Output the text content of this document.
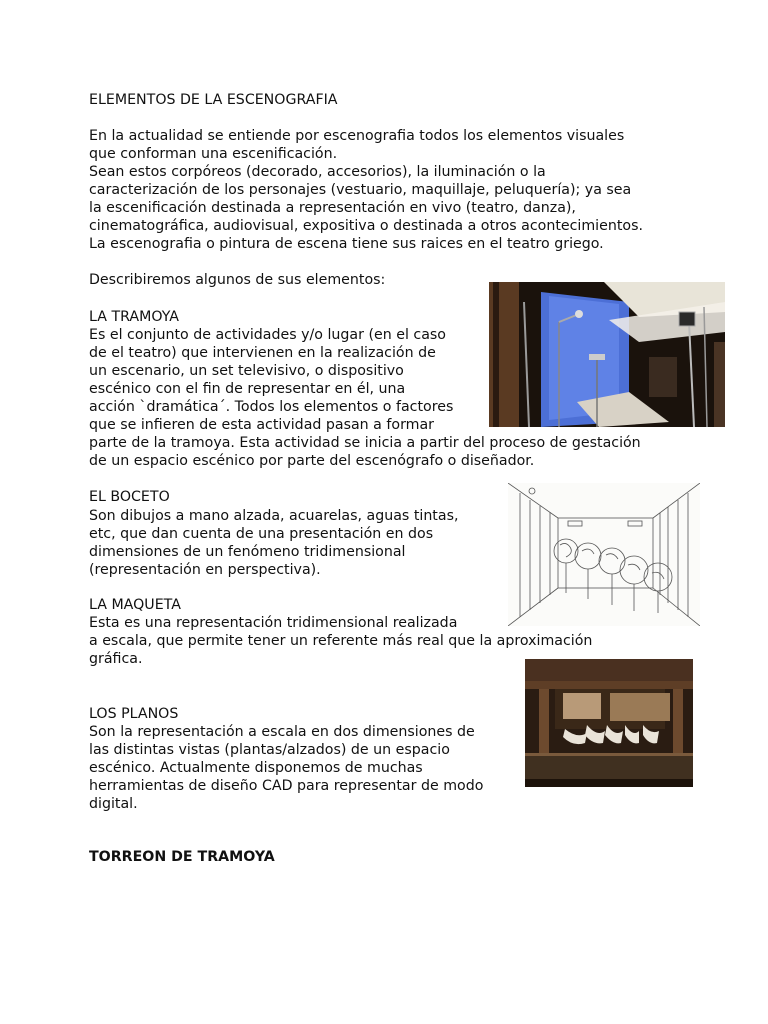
ELEMENTOS DE LA ESCENOGRAFIA

En la actualidad se entiende por escenografia todos los elementos visuales

que conforman una escenificación.

Sean estos corpóreos (decorado, accesorios), la iluminación o la

caracterización de los personajes (vestuario, maquillaje, peluquería); ya sea

la escenificación destinada a representación en vivo (teatro, danza),

cinematográfica, audiovisual, expositiva o destinada a otros acontecimientos.

La escenografia o pintura de escena tiene sus raices en el teatro griego.

Describiremos algunos de sus elementos:

LA TRAMOYA

Es el conjunto de actividades y/o lugar (en el caso

de el teatro) que intervienen en la realización de

un escenario, un set televisivo, o dispositivo

escénico con el fin de representar en él, una

acción `dramática´. Todos los elementos o factores

que se infieren de esta actividad pasan a formar

parte de la tramoya. Esta actividad se inicia a partir del proceso de gestación

de un espacio escénico por parte del escenógrafo o diseñador.

EL BOCETO

Son dibujos a mano alzada, acuarelas, aguas tintas,

etc, que dan cuenta de una presentación en dos

dimensiones de un fenómeno tridimensional

(representación en perspectiva).

LA MAQUETA

Esta es una representación tridimensional realizada

a escala, que permite tener un referente más real que la aproximación

gráfica.

LOS PLANOS

Son la representación a escala en dos dimensiones de

las distintas vistas (plantas/alzados) de un espacio

escénico. Actualmente disponemos de muchas

herramientas de diseño CAD para representar de modo

digital.

TORREON DE TRAMOYA
